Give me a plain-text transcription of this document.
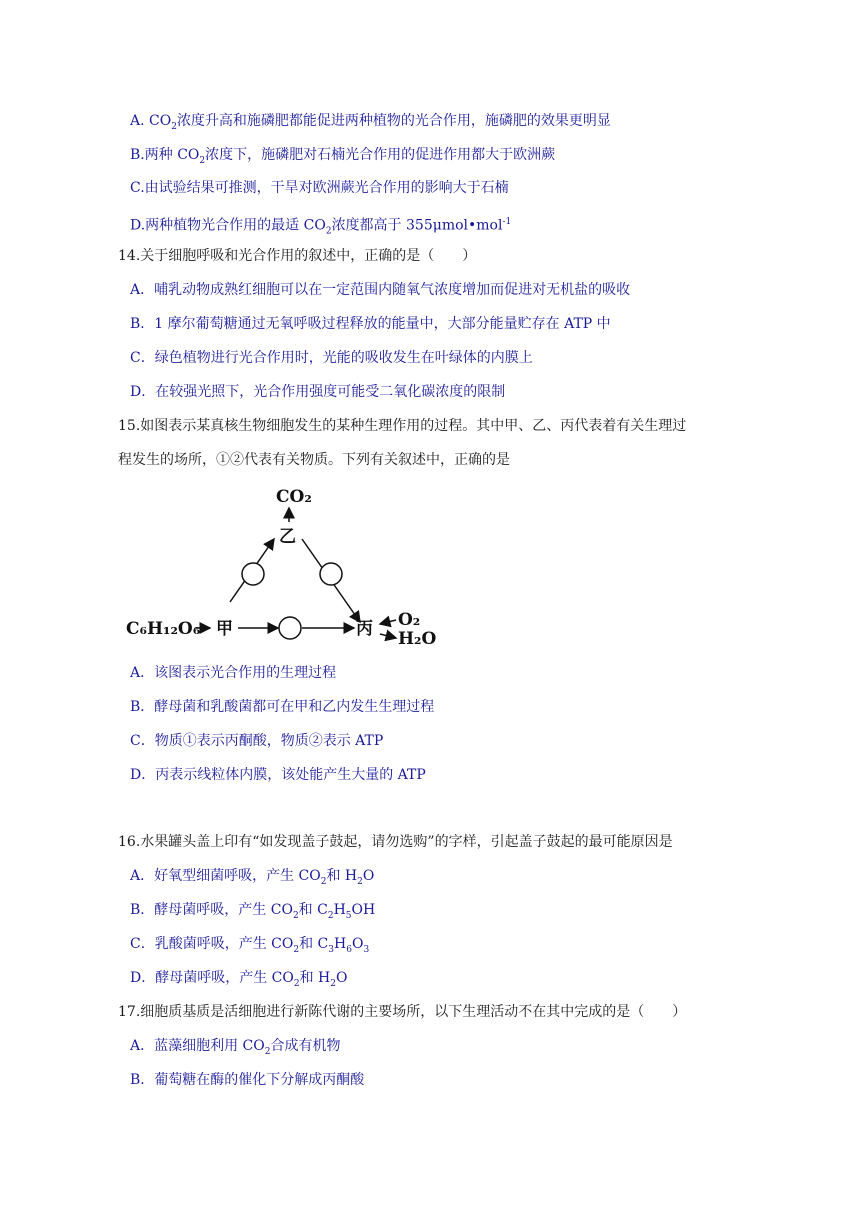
A. $CO_2$浓度升高和施磷肥都能促进两种植物的光合作用，施磷肥的效果更明显
B.两种 $CO_2$浓度下，施磷肥对石楠光合作用的促进作用都大于欧洲蕨
C.由试验结果可推测，干旱对欧洲蕨光合作用的影响大于石楠
D.两种植物光合作用的最适 $CO_2$浓度都高于 355μmol•mol$^{-1}$
14.关于细胞呼吸和光合作用的叙述中，正确的是（　　）
A．哺乳动物成熟红细胞可以在一定范围内随氧气浓度增加而促进对无机盐的吸收
B．1 摩尔葡萄糖通过无氧呼吸过程释放的能量中，大部分能量贮存在 ATP 中
C．绿色植物进行光合作用时，光能的吸收发生在叶绿体的内膜上
D．在较强光照下，光合作用强度可能受二氧化碳浓度的限制
15.如图表示某真核生物细胞发生的某种生理作用的过程。其中甲、乙、丙代表着有关生理过
程发生的场所，①②代表有关物质。下列有关叙述中，正确的是
CO₂
乙
C₆H₁₂O₆ 甲	丙 O₂
H₂O
A．该图表示光合作用的生理过程
B．酵母菌和乳酸菌都可在甲和乙内发生生理过程
C．物质①表示丙酮酸，物质②表示 ATP
D．丙表示线粒体内膜，该处能产生大量的 ATP
16.水果罐头盖上印有“如发现盖子鼓起，请勿选购”的字样，引起盖子鼓起的最可能原因是
A．好氧型细菌呼吸，产生 $CO_2$和 $H_2O$
B．酵母菌呼吸，产生 $CO_2$和 $C_2H_5OH$
C．乳酸菌呼吸，产生 $CO_2$和 $C_3H_6O_3$
D．酵母菌呼吸，产生 $CO_2$和 $H_2O$
17.细胞质基质是活细胞进行新陈代谢的主要场所，以下生理活动不在其中完成的是（　　）
A．蓝藻细胞利用 $CO_2$合成有机物
B．葡萄糖在酶的催化下分解成丙酮酸
